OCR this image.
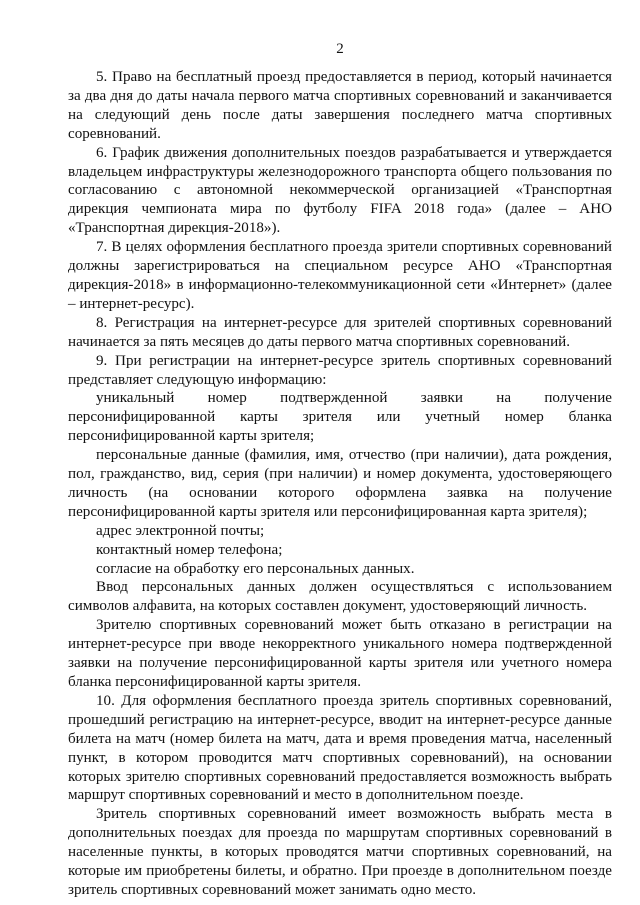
2

5. Право на бесплатный проезд предоставляется в период, который начинается за два дня до даты начала первого матча спортивных соревнований и заканчивается на следующий день после даты завершения последнего матча спортивных соревнований.

6. График движения дополнительных поездов разрабатывается и утверждается владельцем инфраструктуры железнодорожного транспорта общего пользования по согласованию с автономной некоммерческой организацией «Транспортная дирекция чемпионата мира по футболу FIFA 2018 года» (далее – АНО «Транспортная дирекция-2018»).

7. В целях оформления бесплатного проезда зрители спортивных соревнований должны зарегистрироваться на специальном ресурсе АНО «Транспортная дирекция-2018» в информационно-телекоммуникационной сети «Интернет» (далее – интернет-ресурс).

8. Регистрация на интернет-ресурсе для зрителей спортивных соревнований начинается за пять месяцев до даты первого матча спортивных соревнований.

9. При регистрации на интернет-ресурсе зритель спортивных соревнований представляет следующую информацию:

уникальный номер подтвержденной заявки на получение персонифицированной карты зрителя или учетный номер бланка персонифицированной карты зрителя;

персональные данные (фамилия, имя, отчество (при наличии), дата рождения, пол, гражданство, вид, серия (при наличии) и номер документа, удостоверяющего личность (на основании которого оформлена заявка на получение персонифицированной карты зрителя или персонифицированная карта зрителя);

адрес электронной почты;

контактный номер телефона;

согласие на обработку его персональных данных.

Ввод персональных данных должен осуществляться с использованием символов алфавита, на которых составлен документ, удостоверяющий личность.

Зрителю спортивных соревнований может быть отказано в регистрации на интернет-ресурсе при вводе некорректного уникального номера подтвержденной заявки на получение персонифицированной карты зрителя или учетного номера бланка персонифицированной карты зрителя.

10. Для оформления бесплатного проезда зритель спортивных соревнований, прошедший регистрацию на интернет-ресурсе, вводит на интернет-ресурсе данные билета на матч (номер билета на матч, дата и время проведения матча, населенный пункт, в котором проводится матч спортивных соревнований), на основании которых зрителю спортивных соревнований предоставляется возможность выбрать маршрут спортивных соревнований и место в дополнительном поезде.

Зритель спортивных соревнований имеет возможность выбрать места в дополнительных поездах для проезда по маршрутам спортивных соревнований в населенные пункты, в которых проводятся матчи спортивных соревнований, на которые им приобретены билеты, и обратно. При проезде в дополнительном поезде зритель спортивных соревнований может занимать одно место.
